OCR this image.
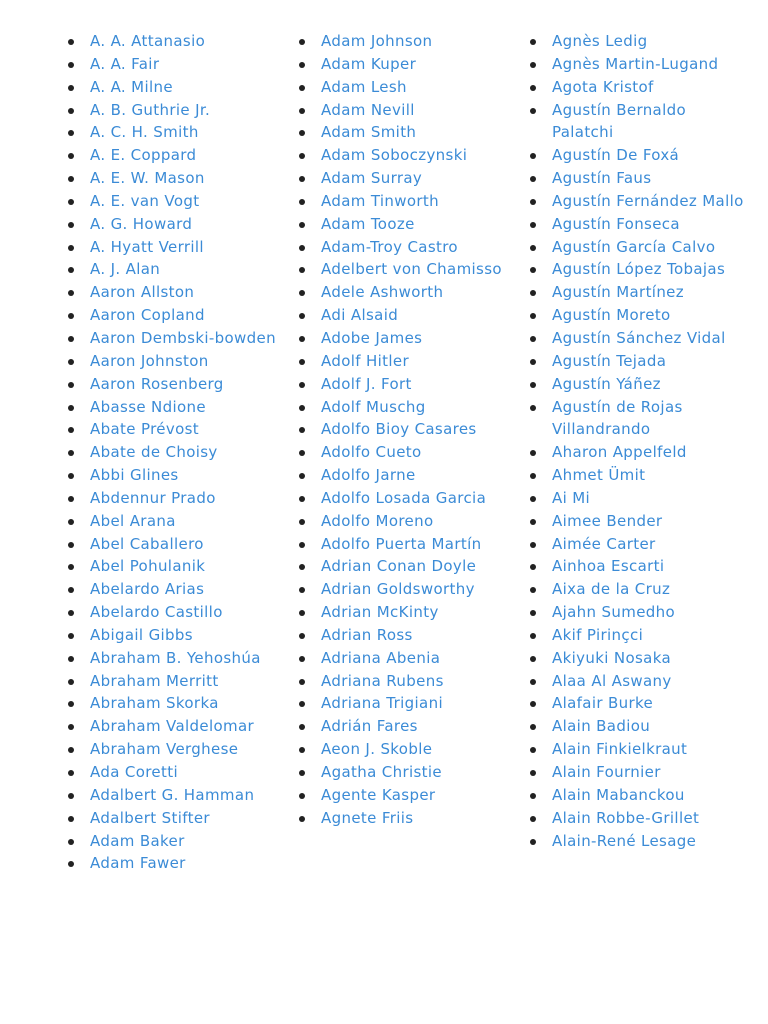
A. A. Attanasio
A. A. Fair
A. A. Milne
A. B. Guthrie Jr.
A. C. H. Smith
A. E. Coppard
A. E. W. Mason
A. E. van Vogt
A. G. Howard
A. Hyatt Verrill
A. J. Alan
Aaron Allston
Aaron Copland
Aaron Dembski-bowden
Aaron Johnston
Aaron Rosenberg
Abasse Ndione
Abate Prévost
Abate de Choisy
Abbi Glines
Abdennur Prado
Abel Arana
Abel Caballero
Abel Pohulanik
Abelardo Arias
Abelardo Castillo
Abigail Gibbs
Abraham B. Yehoshúa
Abraham Merritt
Abraham Skorka
Abraham Valdelomar
Abraham Verghese
Ada Coretti
Adalbert G. Hamman
Adalbert Stifter
Adam Baker
Adam Fawer
Adam Johnson
Adam Kuper
Adam Lesh
Adam Nevill
Adam Smith
Adam Soboczynski
Adam Surray
Adam Tinworth
Adam Tooze
Adam-Troy Castro
Adelbert von Chamisso
Adele Ashworth
Adi Alsaid
Adobe James
Adolf Hitler
Adolf J. Fort
Adolf Muschg
Adolfo Bioy Casares
Adolfo Cueto
Adolfo Jarne
Adolfo Losada Garcia
Adolfo Moreno
Adolfo Puerta Martín
Adrian Conan Doyle
Adrian Goldsworthy
Adrian McKinty
Adrian Ross
Adriana Abenia
Adriana Rubens
Adriana Trigiani
Adrián Fares
Aeon J. Skoble
Agatha Christie
Agente Kasper
Agnete Friis
Agnès Ledig
Agnès Martin-Lugand
Agota Kristof
Agustín Bernaldo Palatchi
Agustín De Foxá
Agustín Faus
Agustín Fernández Mallo
Agustín Fonseca
Agustín García Calvo
Agustín López Tobajas
Agustín Martínez
Agustín Moreto
Agustín Sánchez Vidal
Agustín Tejada
Agustín Yáñez
Agustín de Rojas Villandrando
Aharon Appelfeld
Ahmet Ümit
Ai Mi
Aimee Bender
Aimée Carter
Ainhoa Escarti
Aixa de la Cruz
Ajahn Sumedho
Akif Pirinçci
Akiyuki Nosaka
Alaa Al Aswany
Alafair Burke
Alain Badiou
Alain Finkielkraut
Alain Fournier
Alain Mabanckou
Alain Robbe-Grillet
Alain-René Lesage
